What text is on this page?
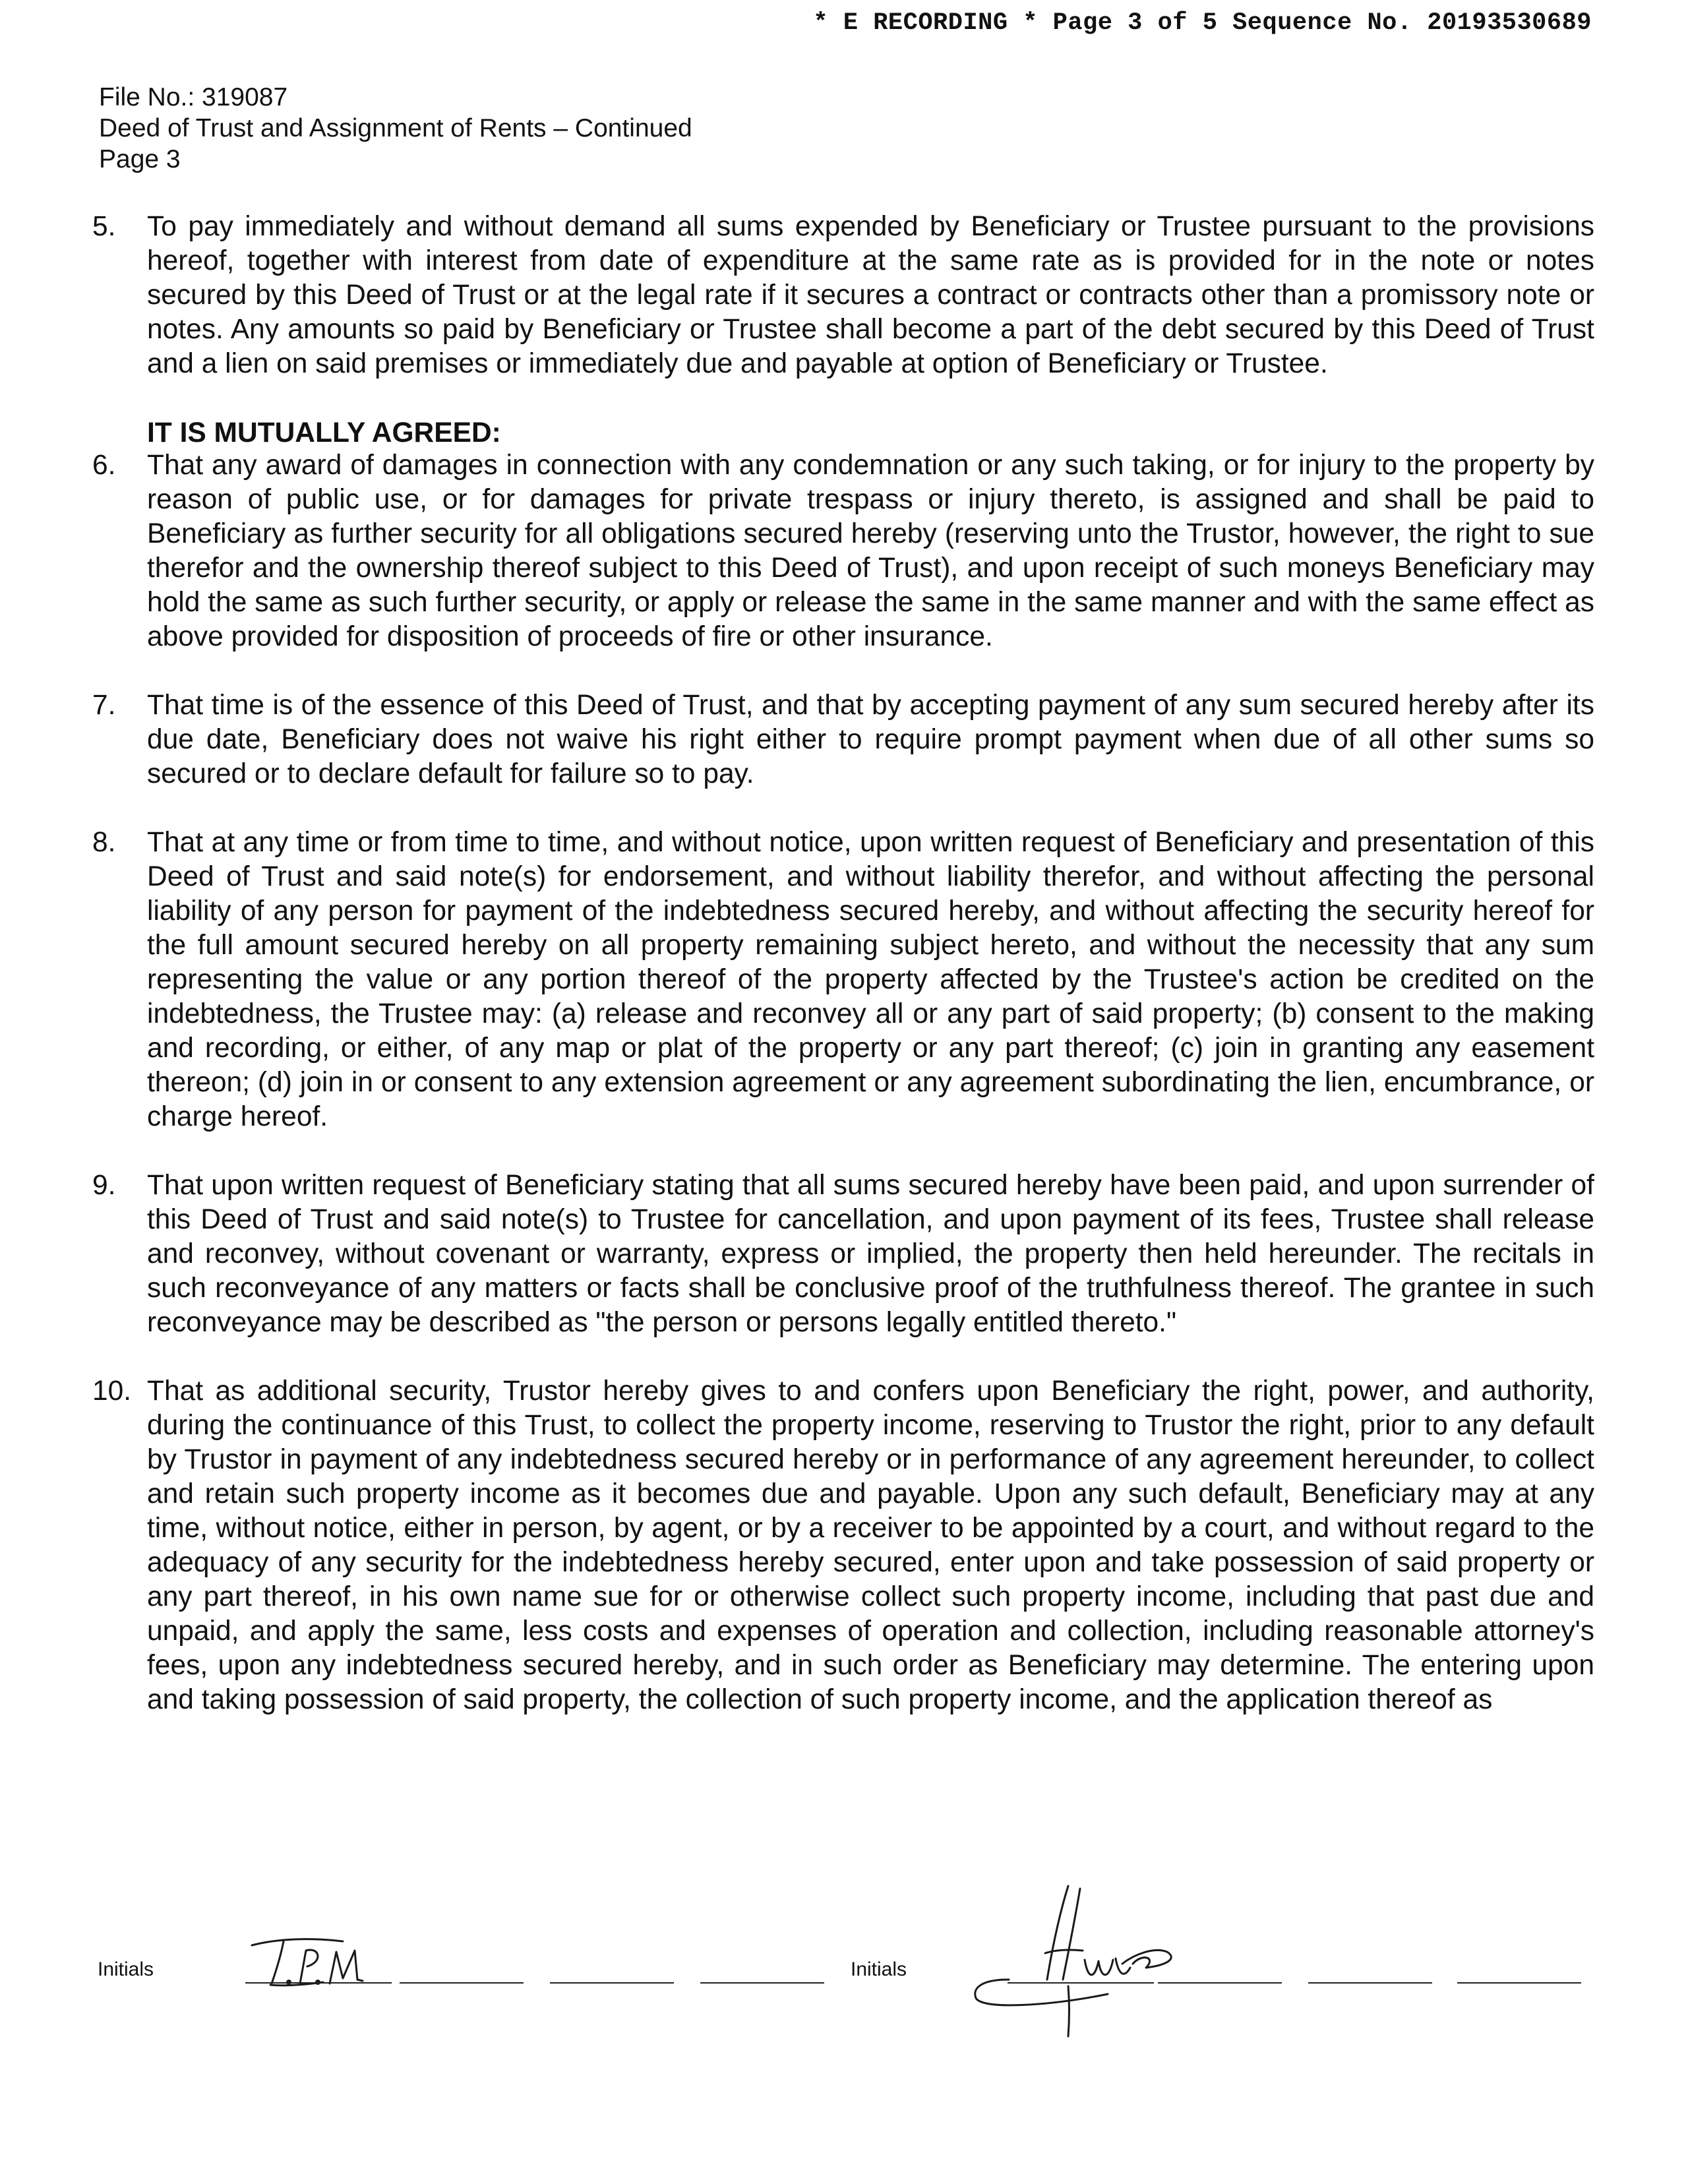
* E RECORDING * Page 3 of 5 Sequence No. 20193530689
File No.: 319087
Deed of Trust and Assignment of Rents – Continued
Page 3
5. To pay immediately and without demand all sums expended by Beneficiary or Trustee pursuant to the provisions hereof, together with interest from date of expenditure at the same rate as is provided for in the note or notes secured by this Deed of Trust or at the legal rate if it secures a contract or contracts other than a promissory note or notes. Any amounts so paid by Beneficiary or Trustee shall become a part of the debt secured by this Deed of Trust and a lien on said premises or immediately due and payable at option of Beneficiary or Trustee.
IT IS MUTUALLY AGREED:
6. That any award of damages in connection with any condemnation or any such taking, or for injury to the property by reason of public use, or for damages for private trespass or injury thereto, is assigned and shall be paid to Beneficiary as further security for all obligations secured hereby (reserving unto the Trustor, however, the right to sue therefor and the ownership thereof subject to this Deed of Trust), and upon receipt of such moneys Beneficiary may hold the same as such further security, or apply or release the same in the same manner and with the same effect as above provided for disposition of proceeds of fire or other insurance.
7. That time is of the essence of this Deed of Trust, and that by accepting payment of any sum secured hereby after its due date, Beneficiary does not waive his right either to require prompt payment when due of all other sums so secured or to declare default for failure so to pay.
8. That at any time or from time to time, and without notice, upon written request of Beneficiary and presentation of this Deed of Trust and said note(s) for endorsement, and without liability therefor, and without affecting the personal liability of any person for payment of the indebtedness secured hereby, and without affecting the security hereof for the full amount secured hereby on all property remaining subject hereto, and without the necessity that any sum representing the value or any portion thereof of the property affected by the Trustee's action be credited on the indebtedness, the Trustee may: (a) release and reconvey all or any part of said property; (b) consent to the making and recording, or either, of any map or plat of the property or any part thereof; (c) join in granting any easement thereon; (d) join in or consent to any extension agreement or any agreement subordinating the lien, encumbrance, or charge hereof.
9. That upon written request of Beneficiary stating that all sums secured hereby have been paid, and upon surrender of this Deed of Trust and said note(s) to Trustee for cancellation, and upon payment of its fees, Trustee shall release and reconvey, without covenant or warranty, express or implied, the property then held hereunder. The recitals in such reconveyance of any matters or facts shall be conclusive proof of the truthfulness thereof. The grantee in such reconveyance may be described as "the person or persons legally entitled thereto."
10. That as additional security, Trustor hereby gives to and confers upon Beneficiary the right, power, and authority, during the continuance of this Trust, to collect the property income, reserving to Trustor the right, prior to any default by Trustor in payment of any indebtedness secured hereby or in performance of any agreement hereunder, to collect and retain such property income as it becomes due and payable. Upon any such default, Beneficiary may at any time, without notice, either in person, by agent, or by a receiver to be appointed by a court, and without regard to the adequacy of any security for the indebtedness hereby secured, enter upon and take possession of said property or any part thereof, in his own name sue for or otherwise collect such property income, including that past due and unpaid, and apply the same, less costs and expenses of operation and collection, including reasonable attorney's fees, upon any indebtedness secured hereby, and in such order as Beneficiary may determine. The entering upon and taking possession of said property, the collection of such property income, and the application thereof as
Initials	Initials
